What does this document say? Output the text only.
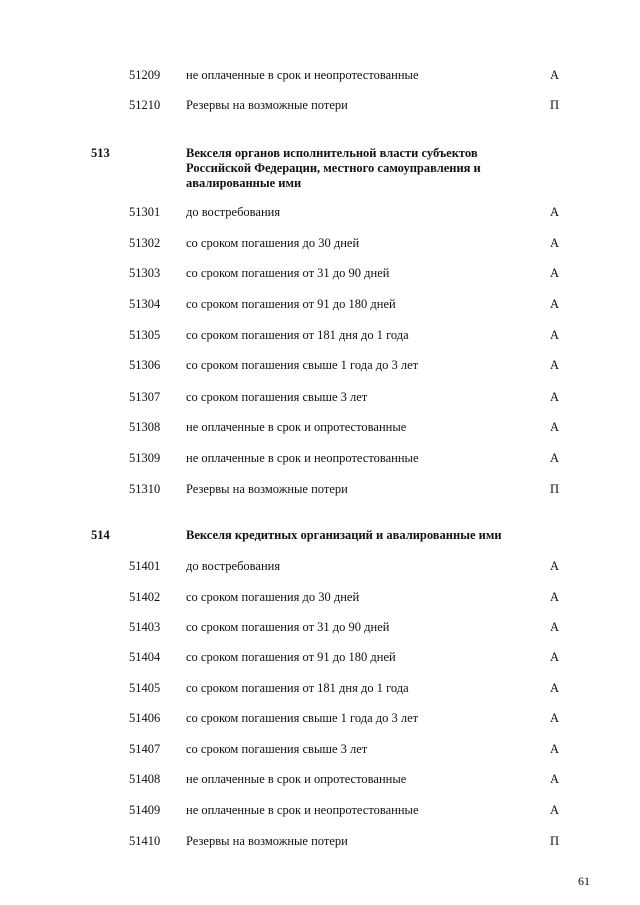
51209 не оплаченные в срок и неопротестованные	А
51210 Резервы на возможные потери	П
513	Векселя органов исполнительной власти субъектов
Российской Федерации, местного самоуправления и
авалированные ими
51301 до востребования	А
51302 со сроком погашения до 30 дней	А
51303 со сроком погашения от 31 до 90 дней	А
51304 со сроком погашения от 91 до 180 дней	А
51305 со сроком погашения от 181 дня до 1 года	А
51306 со сроком погашения свыше 1 года до 3 лет	А
51307 со сроком погашения свыше 3 лет	А
51308 не оплаченные в срок и опротестованные	А
51309 не оплаченные в срок и неопротестованные	А
51310 Резервы на возможные потери	П
514	Векселя кредитных организаций и авалированные ими
51401 до востребования	А
51402 со сроком погашения до 30 дней	А
51403 со сроком погашения от 31 до 90 дней	А
51404 со сроком погашения от 91 до 180 дней	А
51405 со сроком погашения от 181 дня до 1 года	А
51406 со сроком погашения свыше 1 года до 3 лет	А
51407 со сроком погашения свыше 3 лет	А
51408 не оплаченные в срок и опротестованные	А
51409 не оплаченные в срок и неопротестованные	А
51410 Резервы на возможные потери	П
61
